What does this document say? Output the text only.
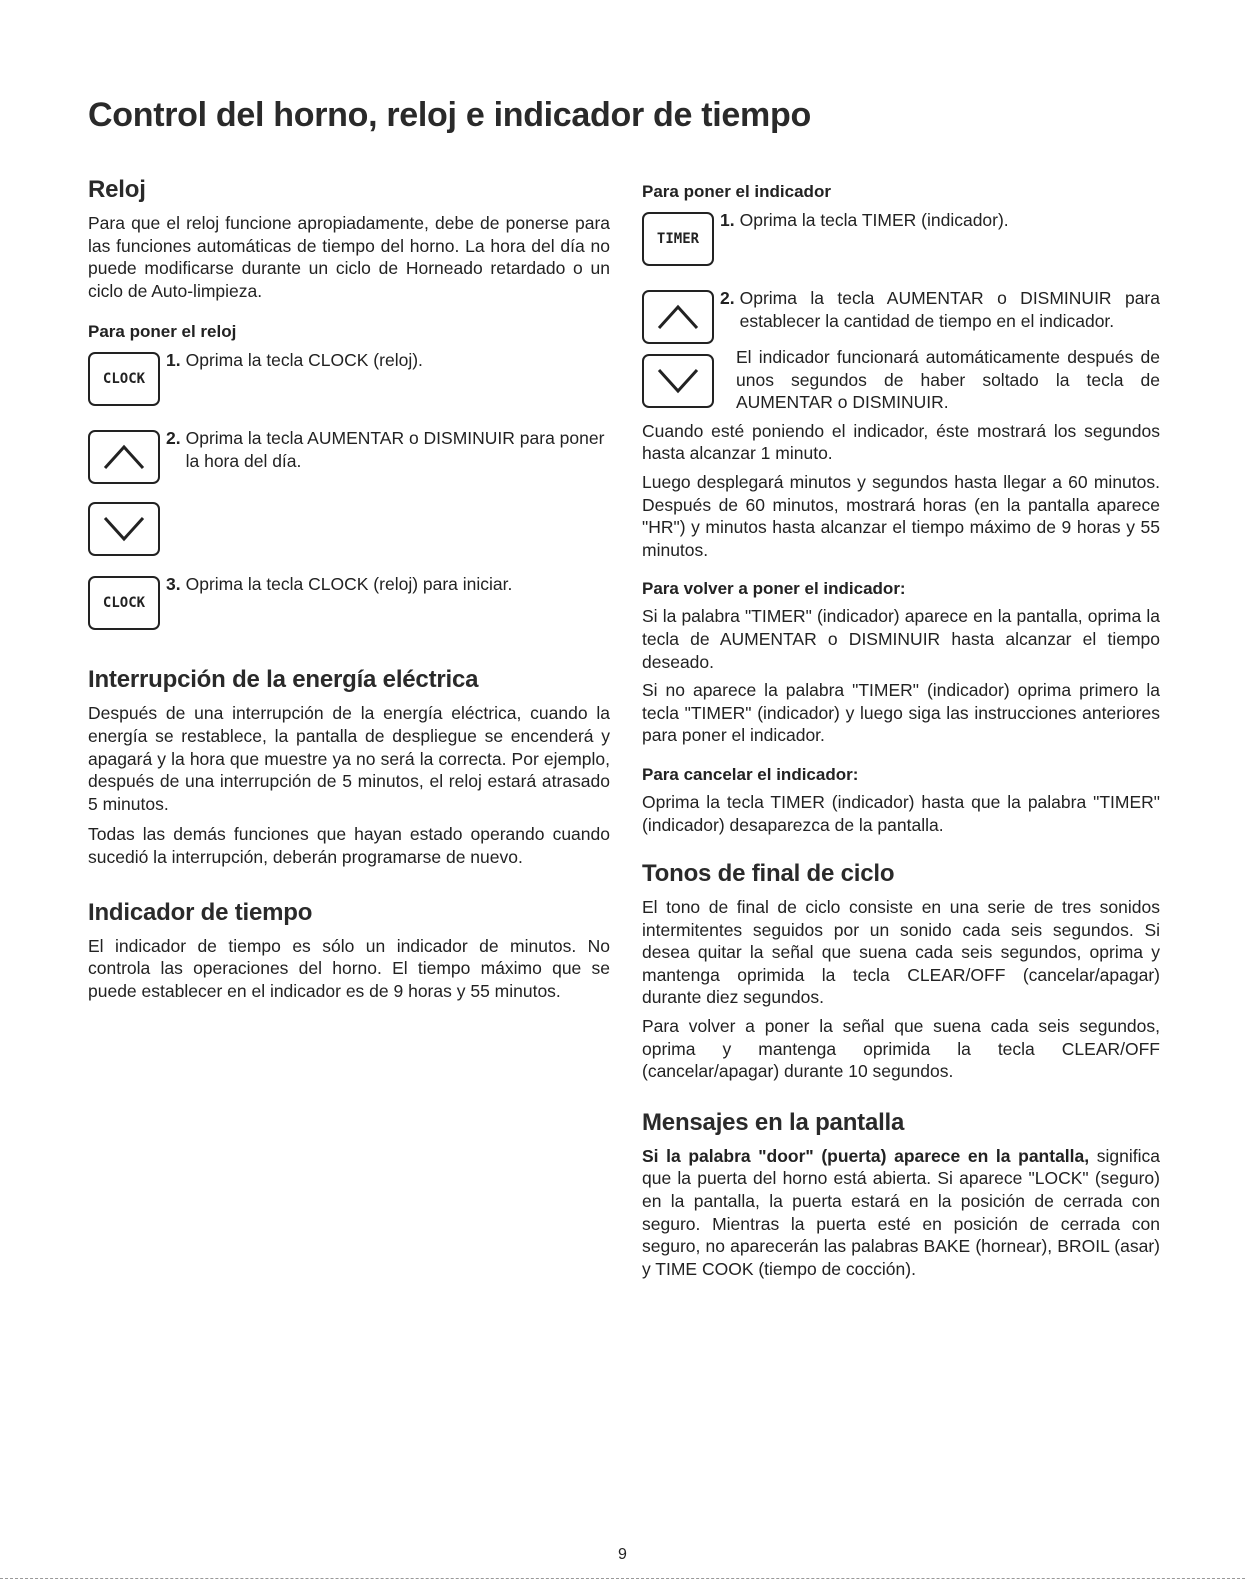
Control del horno, reloj e indicador de tiempo
Reloj

Para que el reloj funcione apropiadamente, debe de ponerse para las funciones automáticas de tiempo del horno. La hora del día no puede modificarse durante un ciclo de Horneado retardado o un ciclo de Auto-limpieza.

Para poner el reloj
CLOCK
1. Oprima la tecla CLOCK (reloj).
2. Oprima la tecla AUMENTAR o DISMINUIR para poner la hora del día.
CLOCK
3. Oprima la tecla CLOCK (reloj) para iniciar.
Interrupción de la energía eléctrica

Después de una interrupción de la energía eléctrica, cuando la energía se restablece, la pantalla de despliegue se encenderá y apagará y la hora que muestre ya no será la correcta. Por ejemplo, después de una interrupción de 5 minutos, el reloj estará atrasado 5 minutos.

Todas las demás funciones que hayan estado operando cuando sucedió la interrupción, deberán programarse de nuevo.

Indicador de tiempo

El indicador de tiempo es sólo un indicador de minutos. No controla las operaciones del horno. El tiempo máximo que se puede establecer en el indicador es de 9 horas y 55 minutos.

Para poner el indicador
TIMER
1. Oprima la tecla TIMER (indicador).
2. Oprima la tecla AUMENTAR o DISMINUIR para establecer la cantidad de tiempo en el indicador.
El indicador funcionará automáticamente después de unos segundos de haber soltado la tecla de AUMENTAR o DISMINUIR.

Cuando esté poniendo el indicador, éste mostrará los segundos hasta alcanzar 1 minuto.

Luego desplegará minutos y segundos hasta llegar a 60 minutos. Después de 60 minutos, mostrará horas (en la pantalla aparece "HR") y minutos hasta alcanzar el tiempo máximo de 9 horas y 55 minutos.

Para volver a poner el indicador:

Si la palabra "TIMER" (indicador) aparece en la pantalla, oprima la tecla de AUMENTAR o DISMINUIR hasta alcanzar el tiempo deseado.

Si no aparece la palabra "TIMER" (indicador) oprima primero la tecla "TIMER" (indicador) y luego siga las instrucciones anteriores para poner el indicador.

Para cancelar el indicador:

Oprima la tecla TIMER (indicador) hasta que la palabra "TIMER" (indicador) desaparezca de la pantalla.

Tonos de final de ciclo

El tono de final de ciclo consiste en una serie de tres sonidos intermitentes seguidos por un sonido cada seis segundos. Si desea quitar la señal que suena cada seis segundos, oprima y mantenga oprimida la tecla CLEAR/OFF (cancelar/apagar) durante diez segundos.

Para volver a poner la señal que suena cada seis segundos, oprima y mantenga oprimida la tecla CLEAR/OFF (cancelar/apagar) durante 10 segundos.

Mensajes en la pantalla

Si la palabra "door" (puerta) aparece en la pantalla, significa que la puerta del horno está abierta. Si aparece "LOCK" (seguro) en la pantalla, la puerta estará en la posición de cerrada con seguro. Mientras la puerta esté en posición de cerrada con seguro, no aparecerán las palabras BAKE (hornear), BROIL (asar) y TIME COOK (tiempo de cocción).

9
